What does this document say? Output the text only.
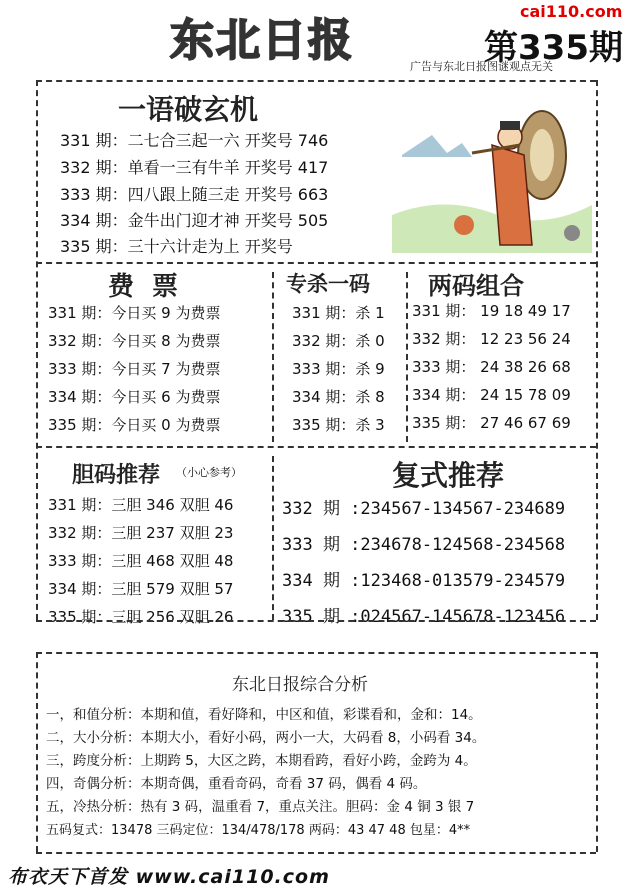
东北日报
cai110.com
第335期
广告与东北日报图谜观点无关
一语破玄机
331 期：二七合三起一六 开奖号 746
332 期：单看一三有牛羊 开奖号 417
333 期：四八跟上随三走 开奖号 663
334 期：金牛出门迎才神 开奖号 505
335 期：三十六计走为上 开奖号
费票
331 期：今日买 9 为费票
332 期：今日买 8 为费票
333 期：今日买 7 为费票
334 期：今日买 6 为费票
335 期：今日买 0 为费票
专杀一码
331 期：杀 1
332 期：杀 0
333 期：杀 9
334 期：杀 8
335 期：杀 3
两码组合
331 期： 19 18 49 17
332 期： 12 23 56 24
333 期： 24 38 26 68
334 期： 24 15 78 09
335 期： 27 46 67 69
胆码推荐 （小心参考）
331 期：三胆 346 双胆 46
332 期：三胆 237 双胆 23
333 期：三胆 468 双胆 48
334 期：三胆 579 双胆 57
335 期：三胆 256 双胆 26
复式推荐
332 期 :234567-134567-234689
333 期 :234678-124568-234568
334 期 :123468-013579-234579
335 期 :024567-145678-123456
东北日报综合分析
一，和值分析：本期和值，看好降和，中区和值，彩谍看和，金和：14。
二，大小分析：本期大小，看好小码，两小一大，大码看 8，小码看 34。
三，跨度分析：上期跨 5，大区之跨，本期看跨，看好小跨，金跨为 4。
四，奇偶分析：本期奇偶，重看奇码，奇看 37 码，偶看 4 码。
五，冷热分析：热有 3 码，温重看 7，重点关注。胆码：金 4 铜 3 银 7
五码复式：13478 三码定位：134/478/178 两码：43 47 48 包星：4**
布衣天下首发 www.cai110.com
